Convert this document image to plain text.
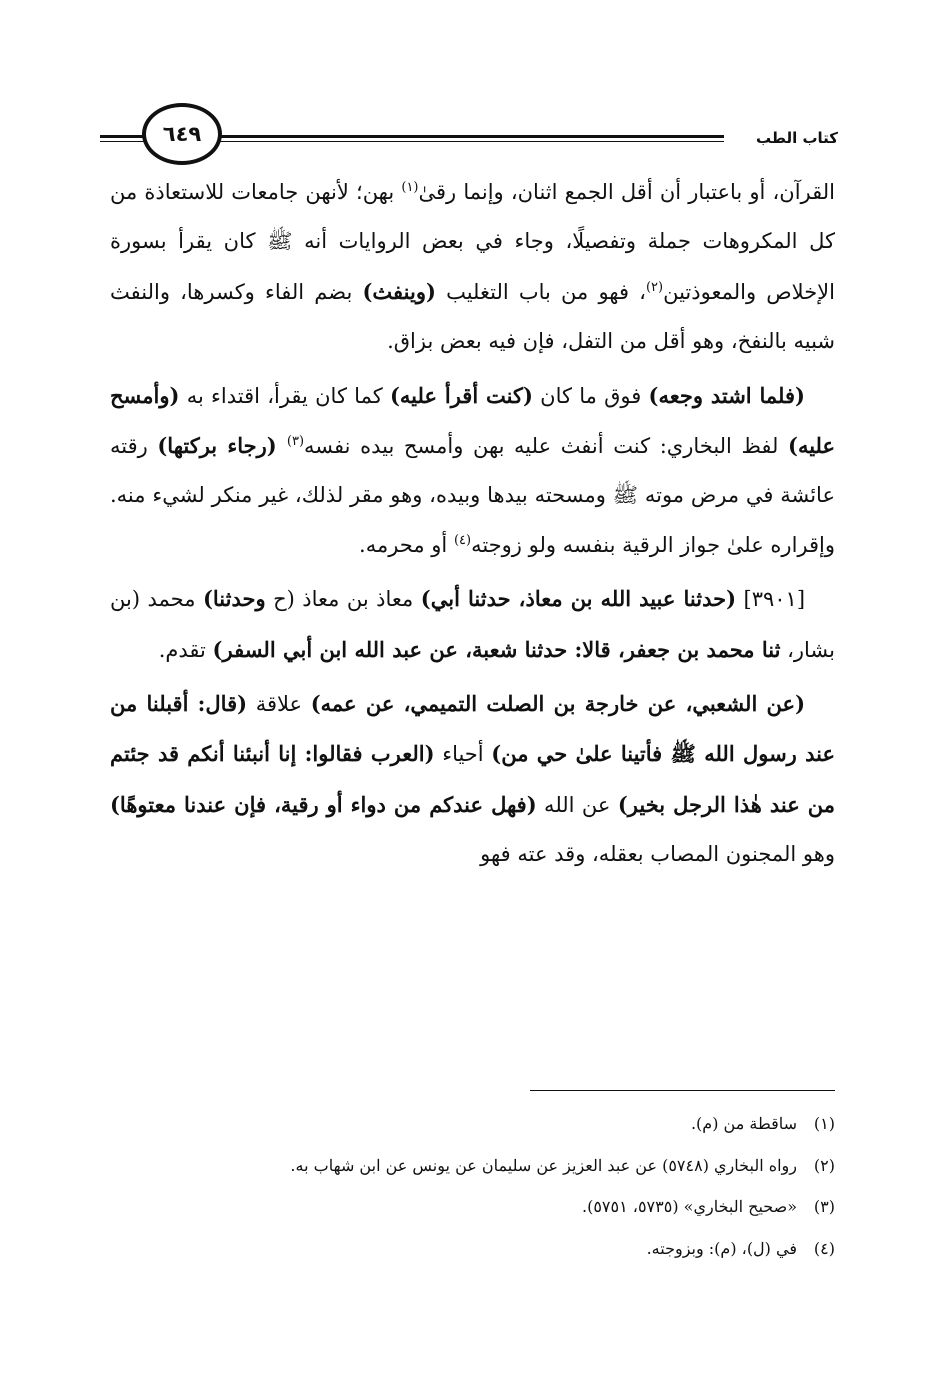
٦٤٩	كتاب الطب

القرآن، أو باعتبار أن أقل الجمع اثنان، وإنما رقىٰ$^{(١)}$ بهن؛ لأنهن جامعات للاستعاذة من كل المكروهات جملة وتفصيلًا، وجاء في بعض الروايات أنه ﷺ كان يقرأ بسورة الإخلاص والمعوذتين$^{(٢)}$، فهو من باب التغليب (وينفث) بضم الفاء وكسرها، والنفث شبيه بالنفخ، وهو أقل من التفل، فإن فيه بعض بزاق.

(فلما اشتد وجعه) فوق ما كان (كنت أقرأ عليه) كما كان يقرأ، اقتداء به (وأمسح عليه) لفظ البخاري: كنت أنفث عليه بهن وأمسح بيده نفسه$^{(٣)}$ (رجاء بركتها) رقته عائشة في مرض موته ﷺ ومسحته بيدها وبيده، وهو مقر لذلك، غير منكر لشيء منه. وإقراره علىٰ جواز الرقية بنفسه ولو زوجته$^{(٤)}$ أو محرمه.

[٣٩٠١] (حدثنا عبيد الله بن معاذ، حدثنا أبي) معاذ بن معاذ (ح وحدثنا) محمد (بن بشار، ثنا محمد بن جعفر، قالا: حدثنا شعبة، عن عبد الله ابن أبي السفر) تقدم.

(عن الشعبي، عن خارجة بن الصلت التميمي، عن عمه) علاقة (قال: أقبلنا من عند رسول الله ﷺ فأتينا علىٰ حي من) أحياء (العرب فقالوا: إنا أنبئنا أنكم قد جئتم من عند هٰذا الرجل بخير) عن الله (فهل عندكم من دواء أو رقية، فإن عندنا معتوهًا) وهو المجنون المصاب بعقله، وقد عته فهو

(١)ساقطة من (م).
(٢)رواه البخاري (٥٧٤٨) عن عبد العزيز عن سليمان عن يونس عن ابن شهاب به.
(٣)«صحيح البخاري» (٥٧٣٥، ٥٧٥١).
(٤)في (ل)، (م): وبزوجته.
